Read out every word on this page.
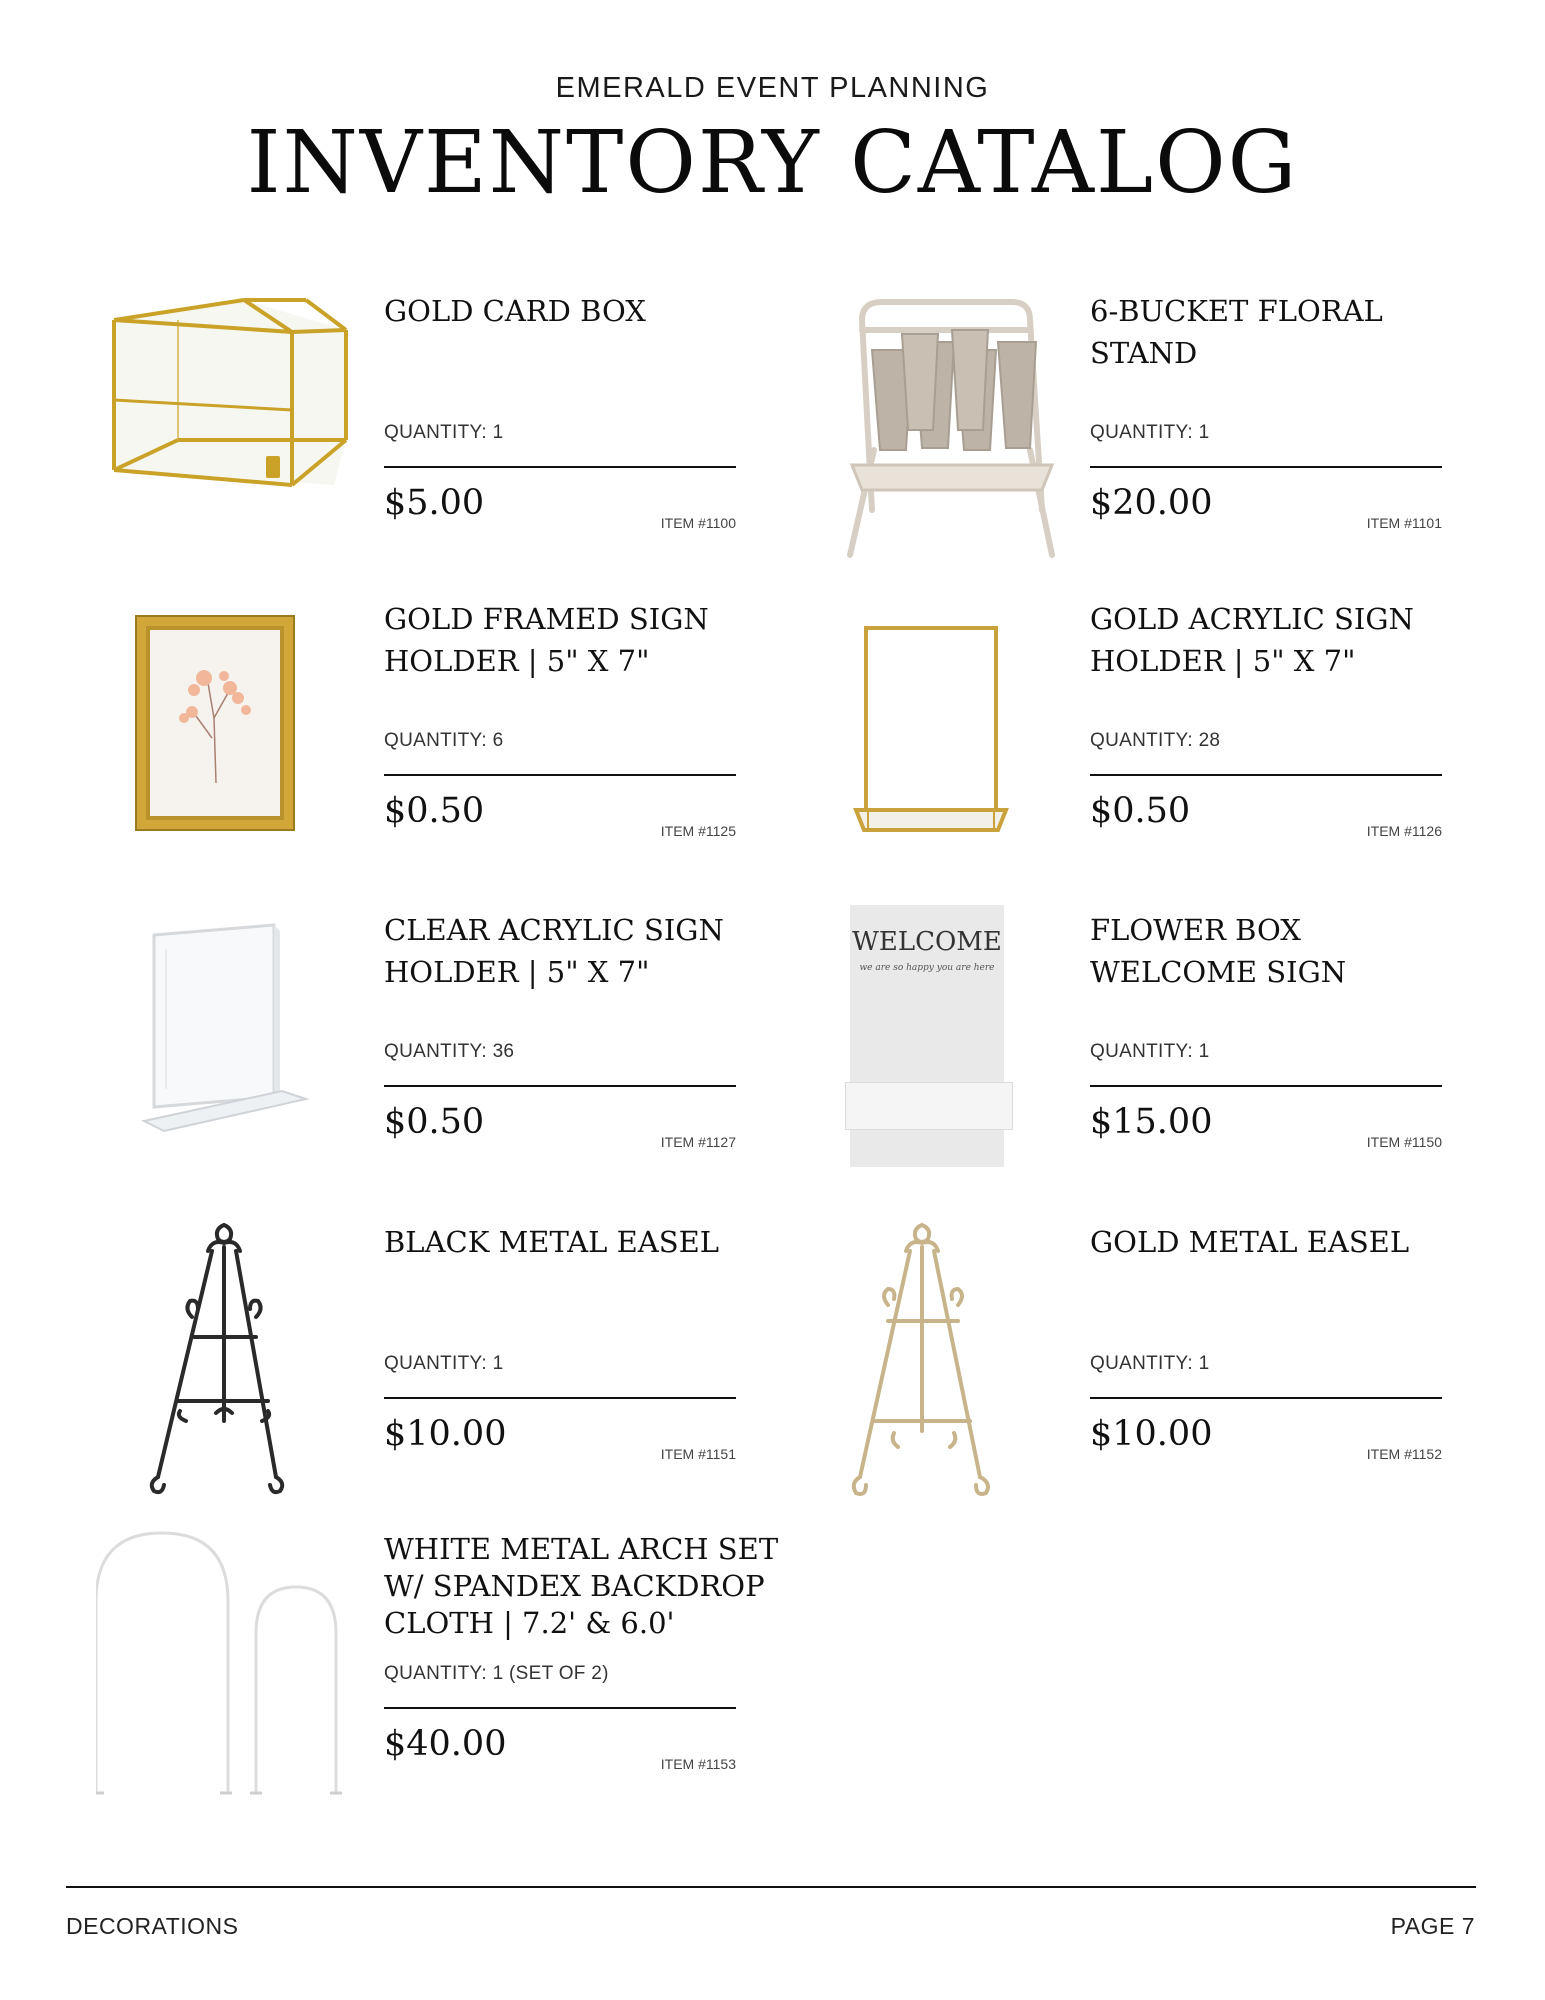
EMERALD EVENT PLANNING
INVENTORY CATALOG
GOLD CARD BOX
QUANTITY: 1
$5.00	ITEM #1100
6-BUCKET FLORAL
STAND
QUANTITY: 1
$20.00	ITEM #1101
GOLD FRAMED SIGN
HOLDER | 5" X 7"
QUANTITY: 6
$0.50	ITEM #1125
GOLD ACRYLIC SIGN
HOLDER | 5" X 7"
QUANTITY: 28
$0.50	ITEM #1126
CLEAR ACRYLIC SIGN
HOLDER | 5" X 7"
QUANTITY: 36
$0.50	ITEM #1127
WELCOME
we are so happy you are here
FLOWER BOX
WELCOME SIGN
QUANTITY: 1
$15.00	ITEM #1150
BLACK METAL EASEL
QUANTITY: 1
$10.00	ITEM #1151
GOLD METAL EASEL
QUANTITY: 1
$10.00	ITEM #1152
WHITE METAL ARCH SET
W/ SPANDEX BACKDROP
CLOTH | 7.2' & 6.0'
QUANTITY: 1 (SET OF 2)
$40.00	ITEM #1153
DECORATIONS	PAGE 7
